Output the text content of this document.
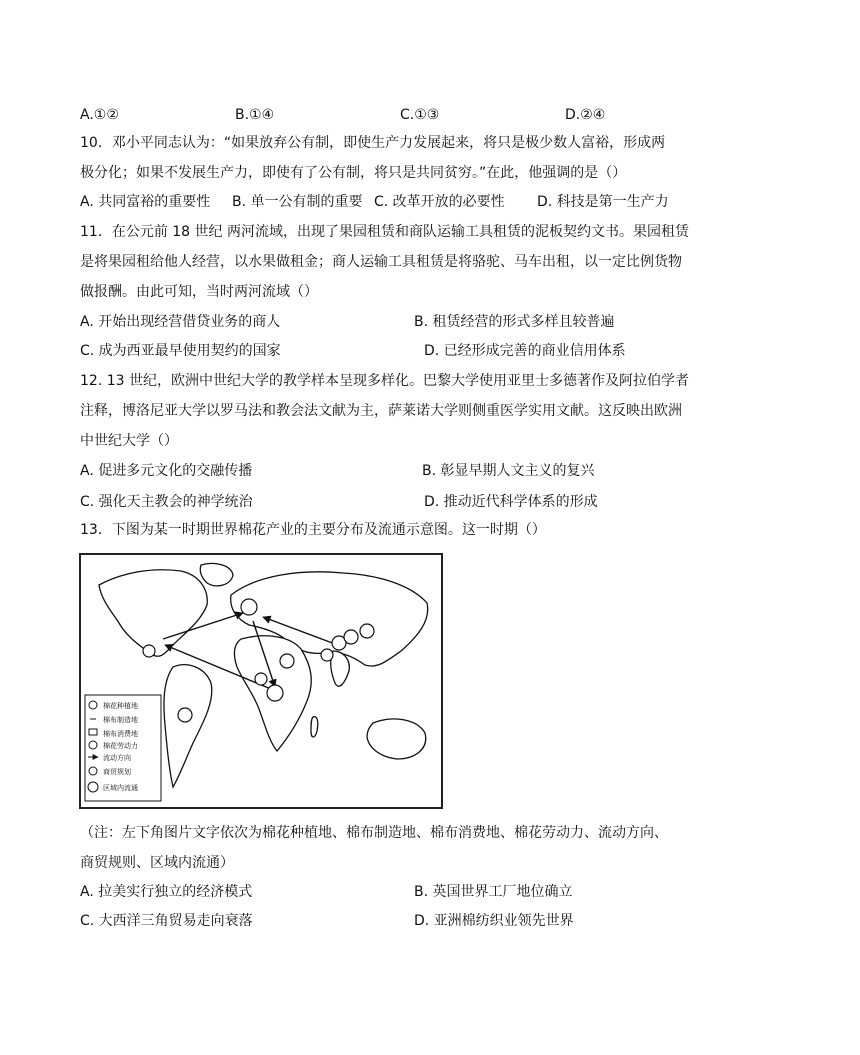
A.①②	B.①④	C.①③	D.②④
10．邓小平同志认为：“如果放弃公有制，即使生产力发展起来，将只是极少数人富裕，形成两
极分化；如果不发展生产力，即使有了公有制，将只是共同贫穷。”在此，他强调的是（）
A. 共同富裕的重要性 B. 单一公有制的重要 C. 改革开放的必要性 D. 科技是第一生产力
11．在公元前 18 世纪 两河流域，出现了果园租赁和商队运输工具租赁的泥板契约文书。果园租赁
是将果园租给他人经营，以水果做租金；商人运输工具租赁是将骆驼、马车出租，以一定比例货物
做报酬。由此可知，当时两河流域（）
A. 开始出现经营借贷业务的商人	B. 租赁经营的形式多样且较普遍
C. 成为西亚最早使用契约的国家	D. 已经形成完善的商业信用体系
12. 13 世纪，欧洲中世纪大学的教学样本呈现多样化。巴黎大学使用亚里士多德著作及阿拉伯学者
注释，博洛尼亚大学以罗马法和教会法文献为主，萨莱诺大学则侧重医学实用文献。这反映出欧洲
中世纪大学（）
A. 促进多元文化的交融传播	B. 彰显早期人文主义的复兴
C. 强化天主教会的神学统治	D. 推动近代科学体系的形成
13．下图为某一时期世界棉花产业的主要分布及流通示意图。这一时期（）
棉花种植地
棉布制造地
棉布消费地
棉花劳动力
流动方向
商贸规划
区域内流通
（注：左下角图片文字依次为棉花种植地、棉布制造地、棉布消费地、棉花劳动力、流动方向、
商贸规则、区域内流通）
A. 拉美实行独立的经济模式	B. 英国世界工厂地位确立
C. 大西洋三角贸易走向衰落	D. 亚洲棉纺织业领先世界
